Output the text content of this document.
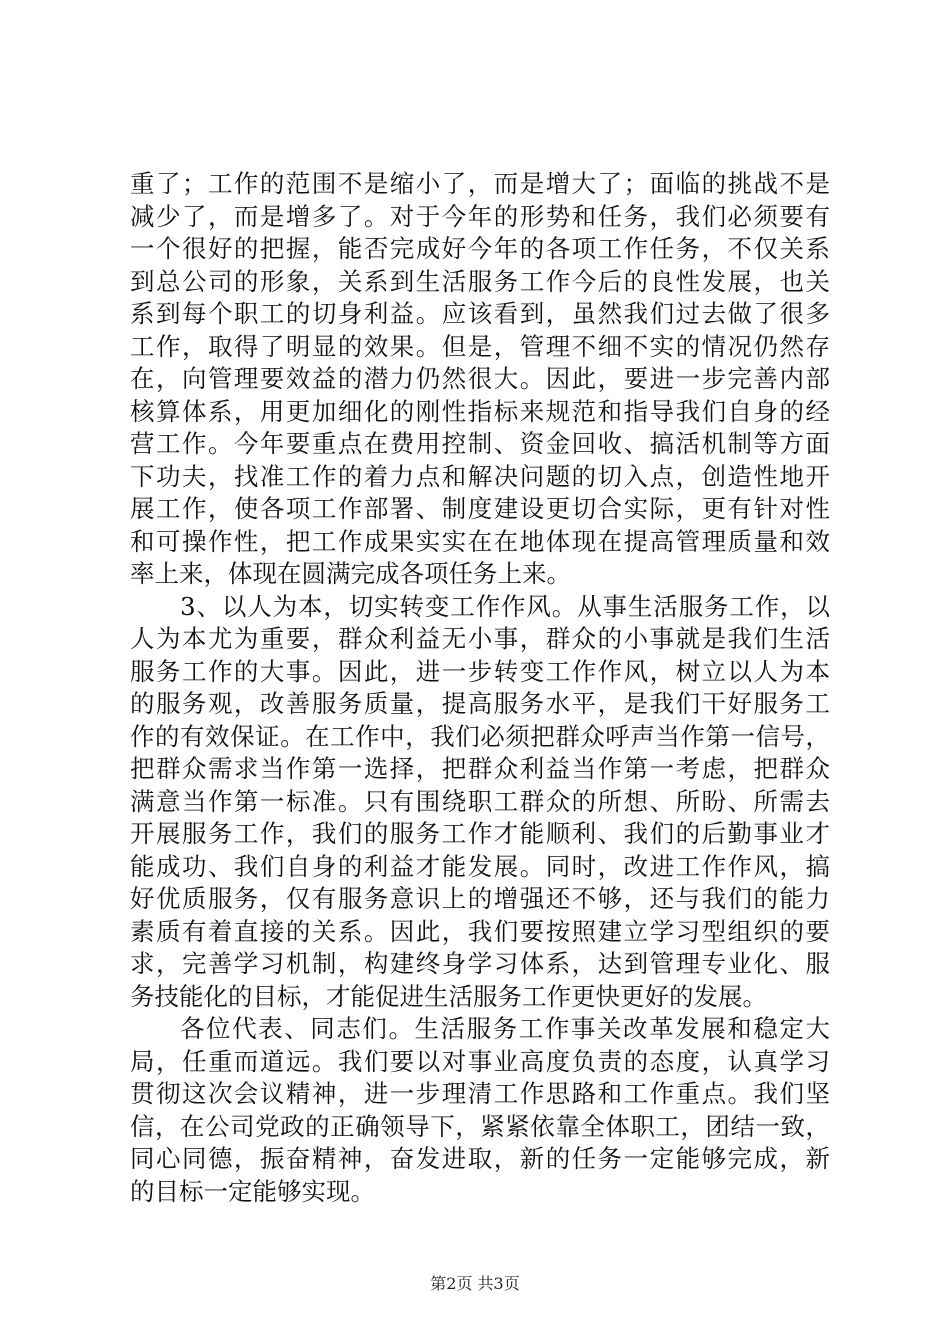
重了；工作的范围不是缩小了，而是增大了；面临的挑战不是
减少了，而是增多了。对于今年的形势和任务，我们必须要有
一个很好的把握，能否完成好今年的各项工作任务，不仅关系
到总公司的形象，关系到生活服务工作今后的良性发展，也关
系到每个职工的切身利益。应该看到，虽然我们过去做了很多
工作，取得了明显的效果。但是，管理不细不实的情况仍然存
在，向管理要效益的潜力仍然很大。因此，要进一步完善内部
核算体系，用更加细化的刚性指标来规范和指导我们自身的经
营工作。今年要重点在费用控制、资金回收、搞活机制等方面
下功夫，找准工作的着力点和解决问题的切入点，创造性地开
展工作，使各项工作部署、制度建设更切合实际，更有针对性
和可操作性，把工作成果实实在在地体现在提高管理质量和效
率上来，体现在圆满完成各项任务上来。
3、以人为本，切实转变工作作风。从事生活服务工作，以
人为本尤为重要，群众利益无小事，群众的小事就是我们生活
服务工作的大事。因此，进一步转变工作作风，树立以人为本
的服务观，改善服务质量，提高服务水平，是我们干好服务工
作的有效保证。在工作中，我们必须把群众呼声当作第一信号，
把群众需求当作第一选择，把群众利益当作第一考虑，把群众
满意当作第一标准。只有围绕职工群众的所想、所盼、所需去
开展服务工作，我们的服务工作才能顺利、我们的后勤事业才
能成功、我们自身的利益才能发展。同时，改进工作作风，搞
好优质服务，仅有服务意识上的增强还不够，还与我们的能力
素质有着直接的关系。因此，我们要按照建立学习型组织的要
求，完善学习机制，构建终身学习体系，达到管理专业化、服
务技能化的目标，才能促进生活服务工作更快更好的发展。
各位代表、同志们。生活服务工作事关改革发展和稳定大
局，任重而道远。我们要以对事业高度负责的态度，认真学习
贯彻这次会议精神，进一步理清工作思路和工作重点。我们坚
信，在公司党政的正确领导下，紧紧依靠全体职工，团结一致，
同心同德，振奋精神，奋发进取，新的任务一定能够完成，新
的目标一定能够实现。
第2页 共3页
